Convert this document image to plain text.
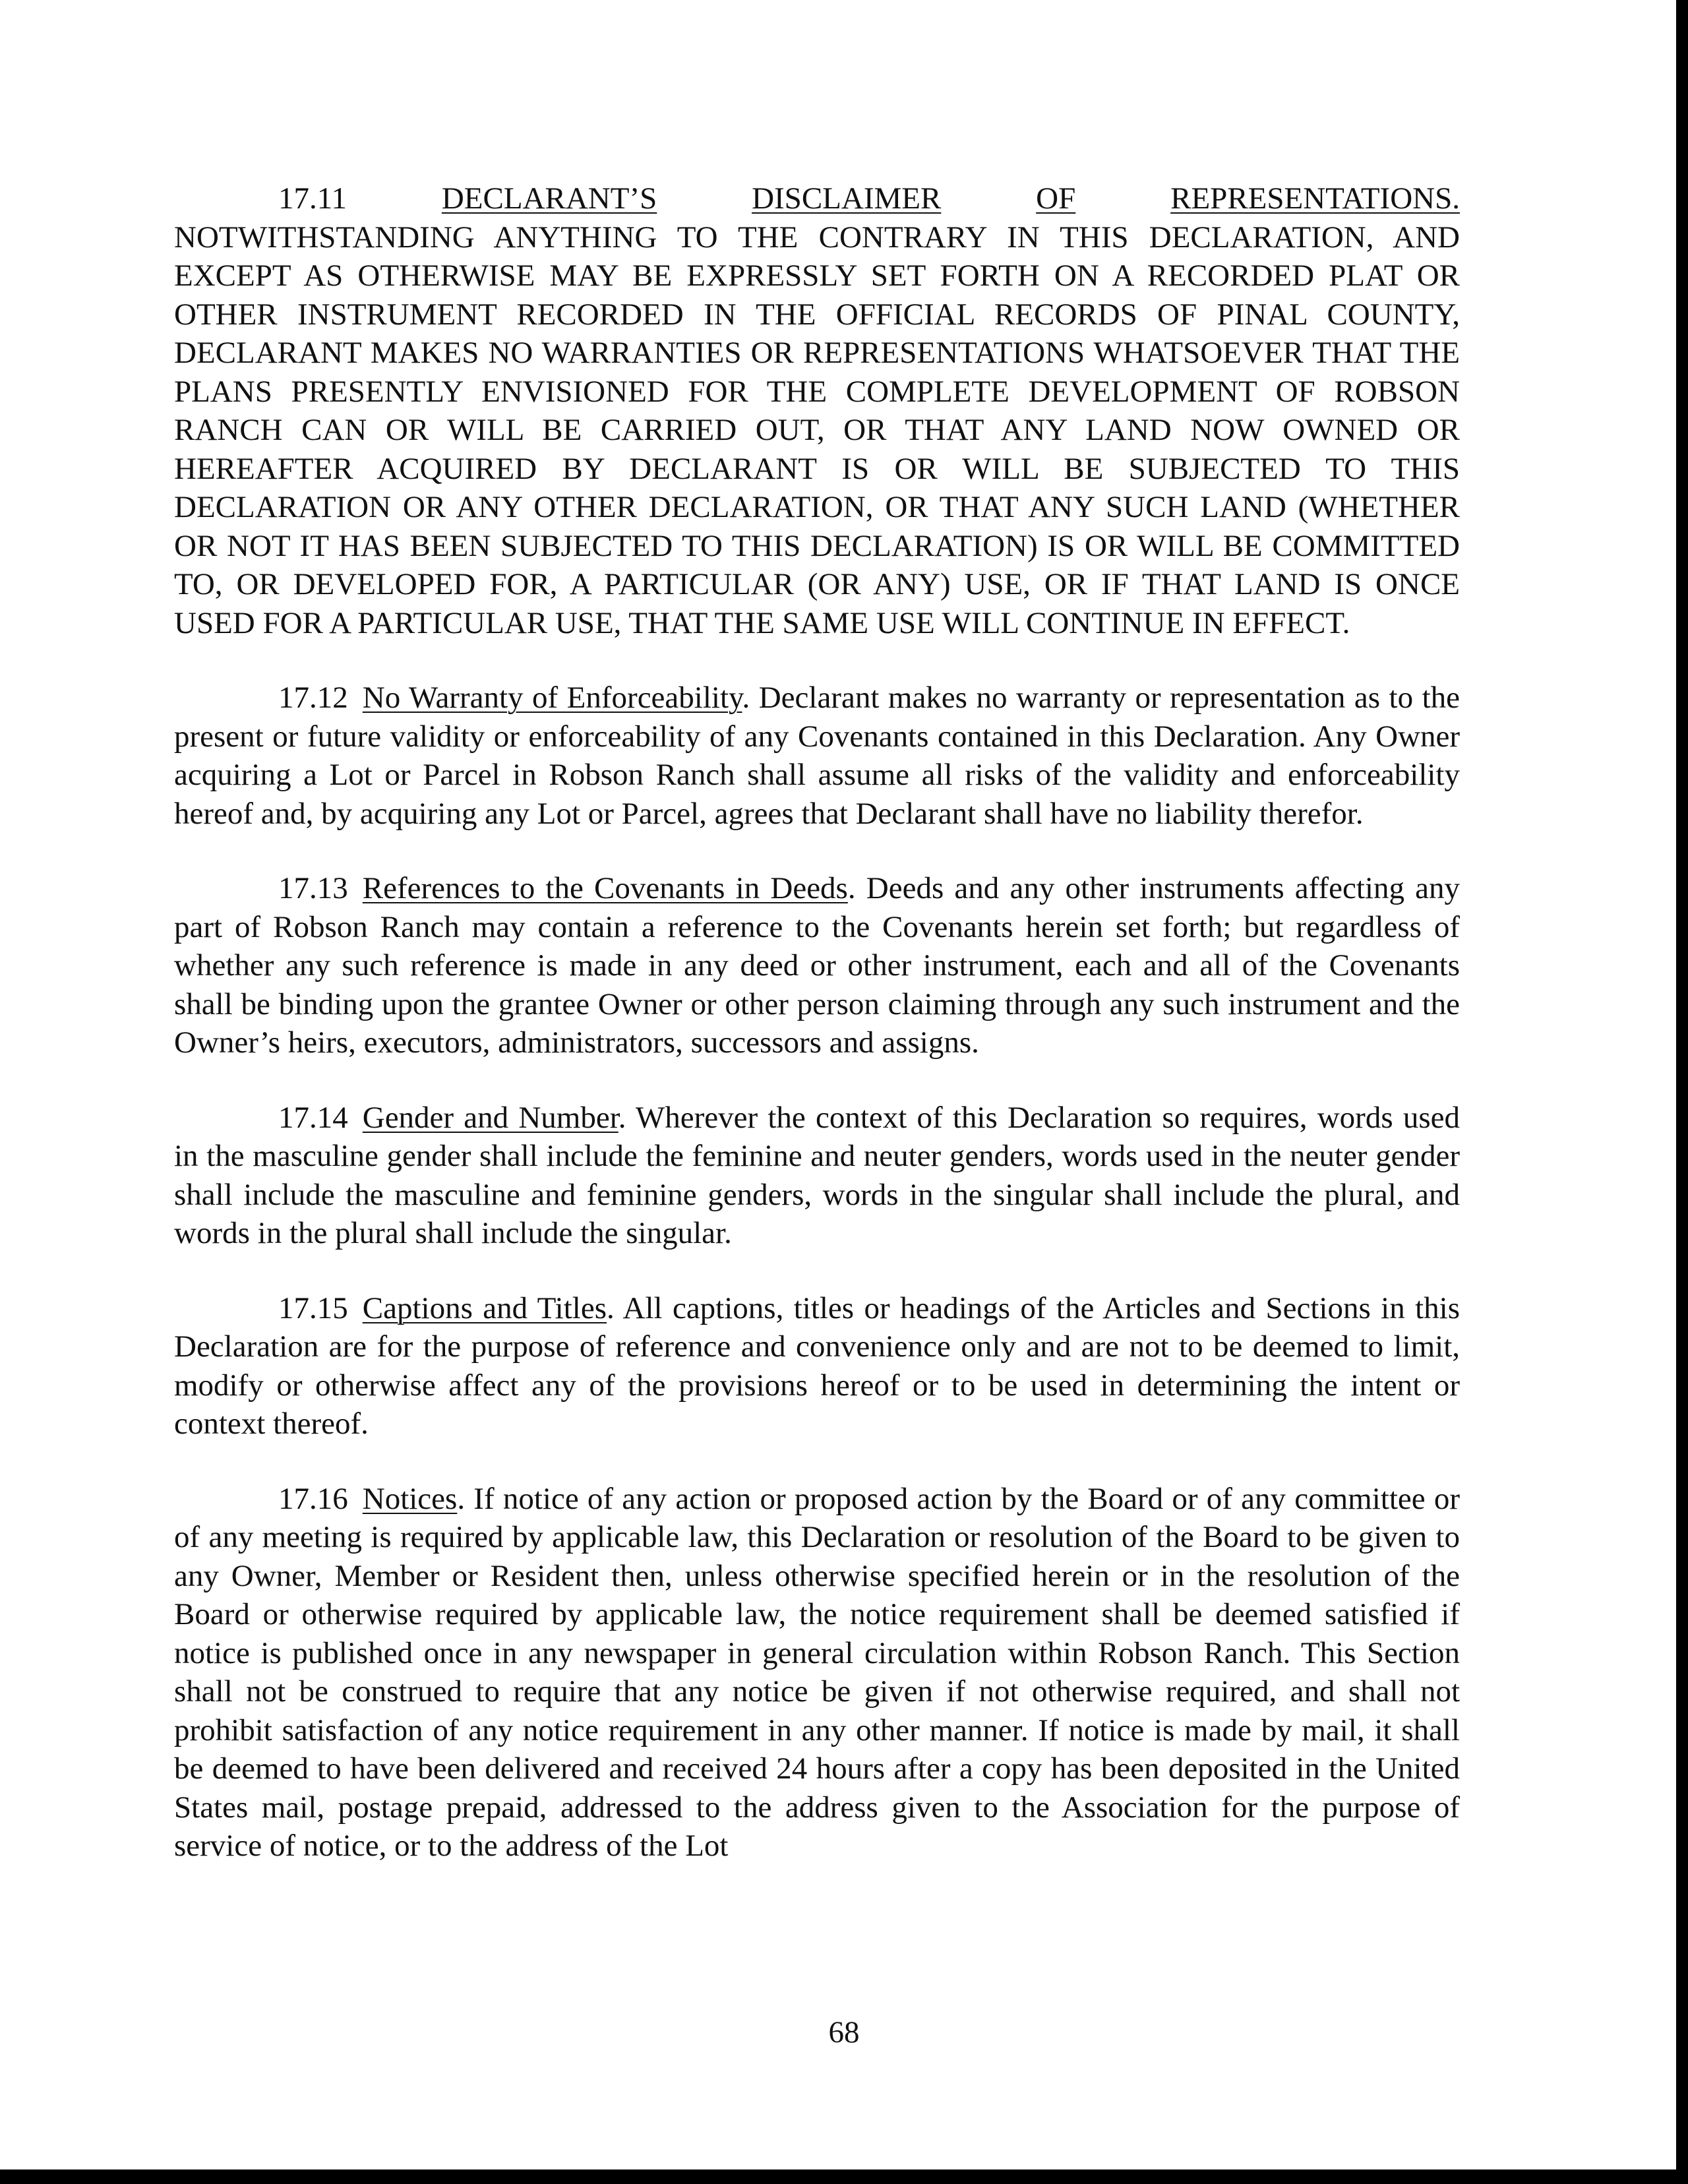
17.11	DECLARANT’S	DISCLAIMER	OF	REPRESENTATIONS.
NOTWITHSTANDING ANYTHING TO THE CONTRARY IN THIS DECLARATION, AND EXCEPT AS OTHERWISE MAY BE EXPRESSLY SET FORTH ON A RECORDED PLAT OR OTHER INSTRUMENT RECORDED IN THE OFFICIAL RECORDS OF PINAL COUNTY, DECLARANT MAKES NO WARRANTIES OR REPRESENTATIONS WHATSOEVER THAT THE PLANS PRESENTLY ENVISIONED FOR THE COMPLETE DEVELOPMENT OF ROBSON RANCH CAN OR WILL BE CARRIED OUT, OR THAT ANY LAND NOW OWNED OR HEREAFTER ACQUIRED BY DECLARANT IS OR WILL BE SUBJECTED TO THIS DECLARATION OR ANY OTHER DECLARATION, OR THAT ANY SUCH LAND (WHETHER OR NOT IT HAS BEEN SUBJECTED TO THIS DECLARATION) IS OR WILL BE COMMITTED TO, OR DEVELOPED FOR, A PARTICULAR (OR ANY) USE, OR IF THAT LAND IS ONCE USED FOR A PARTICULAR USE, THAT THE SAME USE WILL CONTINUE IN EFFECT.

17.12 No Warranty of Enforceability. Declarant makes no warranty or representation as to the present or future validity or enforceability of any Covenants contained in this Declaration. Any Owner acquiring a Lot or Parcel in Robson Ranch shall assume all risks of the validity and enforceability hereof and, by acquiring any Lot or Parcel, agrees that Declarant shall have no liability therefor.

17.13 References to the Covenants in Deeds. Deeds and any other instruments affecting any part of Robson Ranch may contain a reference to the Covenants herein set forth; but regardless of whether any such reference is made in any deed or other instrument, each and all of the Covenants shall be binding upon the grantee Owner or other person claiming through any such instrument and the Owner’s heirs, executors, administrators, successors and assigns.

17.14 Gender and Number. Wherever the context of this Declaration so requires, words used in the masculine gender shall include the feminine and neuter genders, words used in the neuter gender shall include the masculine and feminine genders, words in the singular shall include the plural, and words in the plural shall include the singular.

17.15 Captions and Titles. All captions, titles or headings of the Articles and Sections in this Declaration are for the purpose of reference and convenience only and are not to be deemed to limit, modify or otherwise affect any of the provisions hereof or to be used in determining the intent or context thereof.

17.16 Notices. If notice of any action or proposed action by the Board or of any committee or of any meeting is required by applicable law, this Declaration or resolution of the Board to be given to any Owner, Member or Resident then, unless otherwise specified herein or in the resolution of the Board or otherwise required by applicable law, the notice requirement shall be deemed satisfied if notice is published once in any newspaper in general circulation within Robson Ranch. This Section shall not be construed to require that any notice be given if not otherwise required, and shall not prohibit satisfaction of any notice requirement in any other manner. If notice is made by mail, it shall be deemed to have been delivered and received 24 hours after a copy has been deposited in the United States mail, postage prepaid, addressed to the address given to the Association for the purpose of service of notice, or to the address of the Lot

68
